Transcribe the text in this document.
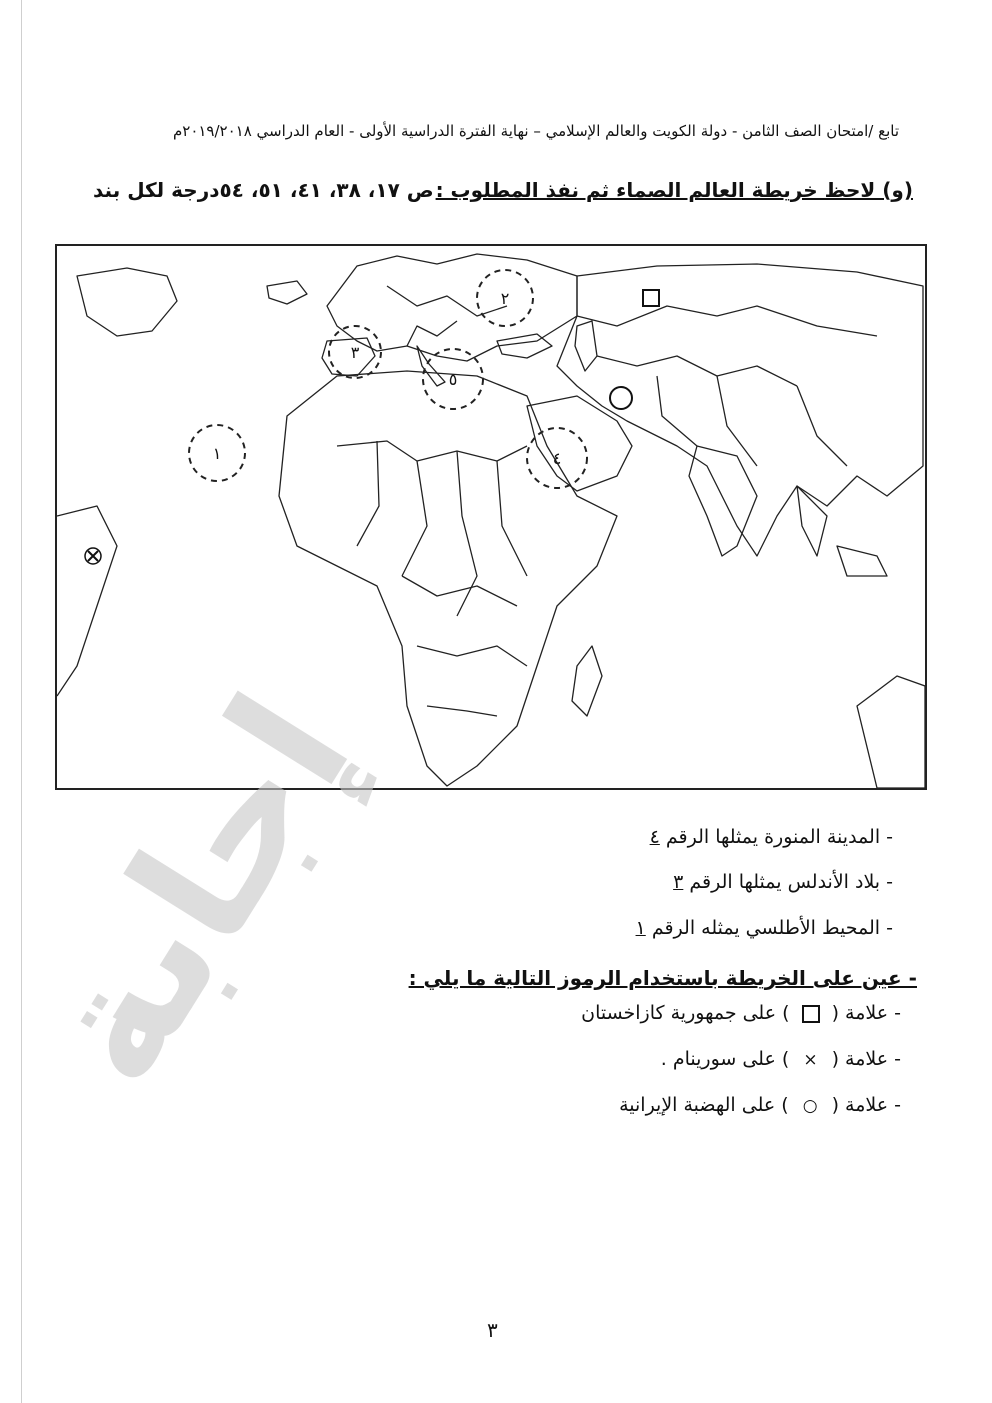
تابع /امتحان الصف الثامن - دولة الكويت والعالم الإسلامي – نهاية الفترة الدراسية الأولى - العام الدراسي ٢٠١٩/٢٠١٨م
(و) لاحظ خريطة العالم الصماء ثم نفذ المطلوب :
ص ١٧، ٣٨، ٤١، ٥١، ٥٤درجة لكل بند
١
٢
٣
٤
٥
- المدينة المنورة يمثلها الرقم ٤
- بلاد الأندلس يمثلها الرقم ٣
- المحيط الأطلسي يمثله الرقم ١
- عين على الخريطة باستخدام الرموز التالية ما يلي :
- علامة (  ) على جمهورية كازاخستان
- علامة ( × ) على سورينام .
- علامة ( ○ ) على الهضبة الإيرانية
إجابة
٣
